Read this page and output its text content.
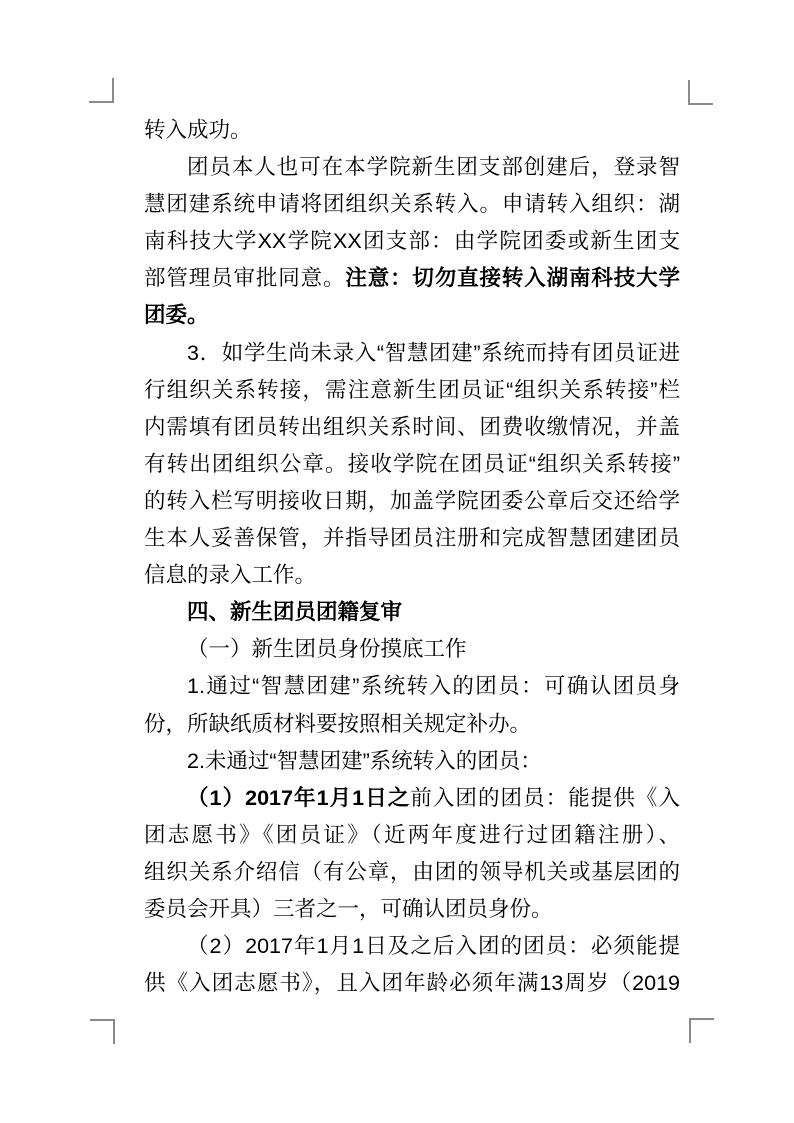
转入成功。
团员本人也可在本学院新生团支部创建后，登录智
慧团建系统申请将团组织关系转入。申请转入组织：湖
南科技大学XX学院XX团支部：由学院团委或新生团支
部管理员审批同意。注意：切勿直接转入湖南科技大学
团委。
3．如学生尚未录入“智慧团建”系统而持有团员证进
行组织关系转接，需注意新生团员证“组织关系转接”栏
内需填有团员转出组织关系时间、团费收缴情况，并盖
有转出团组织公章。接收学院在团员证“组织关系转接”
的转入栏写明接收日期，加盖学院团委公章后交还给学
生本人妥善保管，并指导团员注册和完成智慧团建团员
信息的录入工作。
四、新生团员团籍复审
（一）新生团员身份摸底工作
1.通过“智慧团建”系统转入的团员：可确认团员身
份，所缺纸质材料要按照相关规定补办。
2.未通过“智慧团建”系统转入的团员：
（1）2017年1月1日之前入团的团员：能提供《入
团志愿书》《团员证》（近两年度进行过团籍注册）、
组织关系介绍信（有公章，由团的领导机关或基层团的
委员会开具）三者之一，可确认团员身份。
（2）2017年1月1日及之后入团的团员：必须能提
供《入团志愿书》，且入团年龄必须年满13周岁（2019
